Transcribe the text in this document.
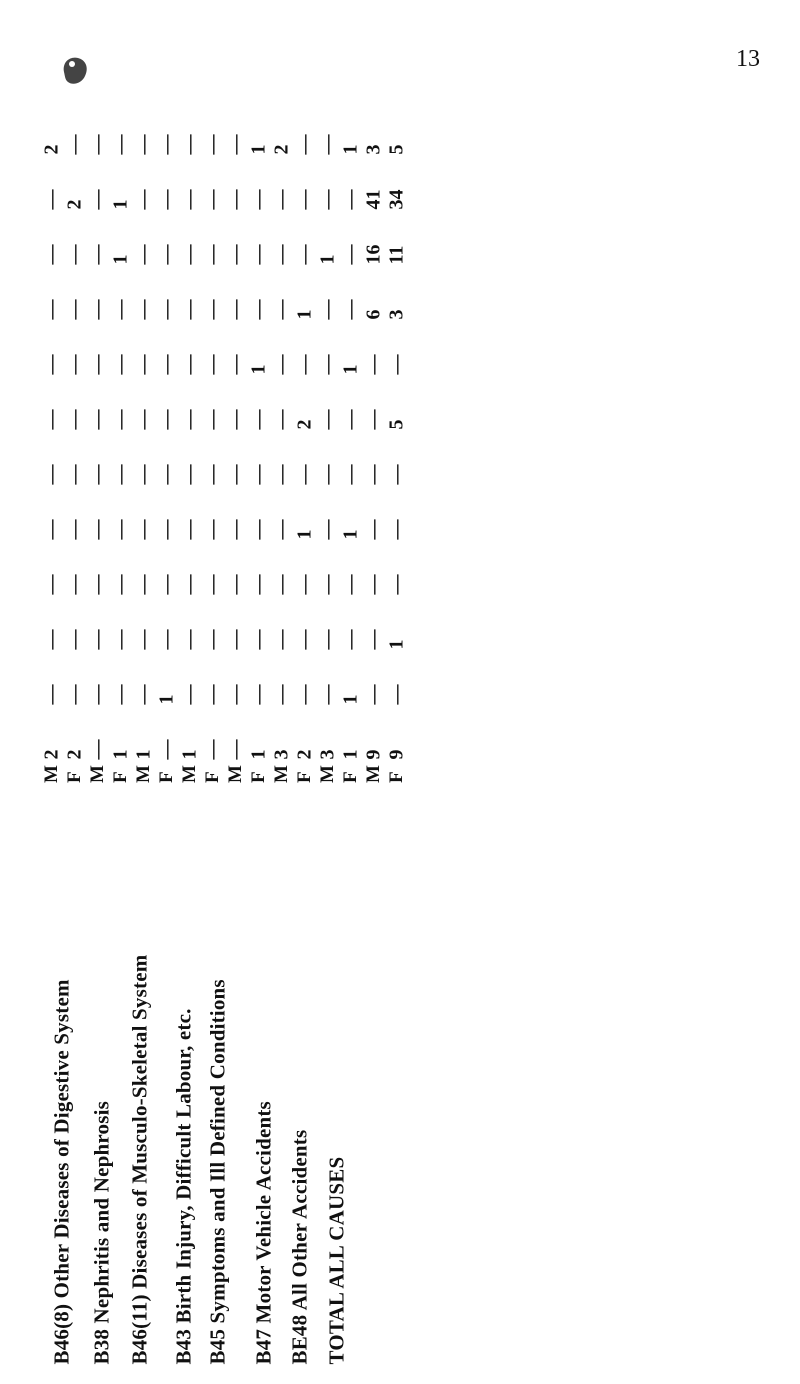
13
B46(8) Other Diseases of Digestive System B38 Nephritis and Nephrosis B46(11) Diseases of Musculo-Skeletal System B43 Birth Injury, Difficult Labour, etc. B45 Symptoms and Ill Defined Conditions B47 Motor Vehicle Accidents BE48 All Other Accidents TOTAL ALL CAUSES
M F M F M F M F M F M F M F M F
2 2 — 1 1 — 1 — — 1 3 2 3 1 9 9
— — — — — 1 — — — — — — — 1 — —
— — — — — — — — — — — — — — — 1
— — — — — — — — — — — — — — — —
— — — — — — — — — — — 1 — 1 — —
— — — — — — — — — — — — — — — —
— — — — — — — — — — — 2 — — — 5
— — — — — — — — — 1 — — — 1 — —
— — — — — — — — — — — 1 — — 6 3
— — — 1 — — — — — — — — 1 — 16 11
— 2 — 1 — — — — — — — — — — 41 34
2 — — — — — — — — 1 2 — — 1 3 5
